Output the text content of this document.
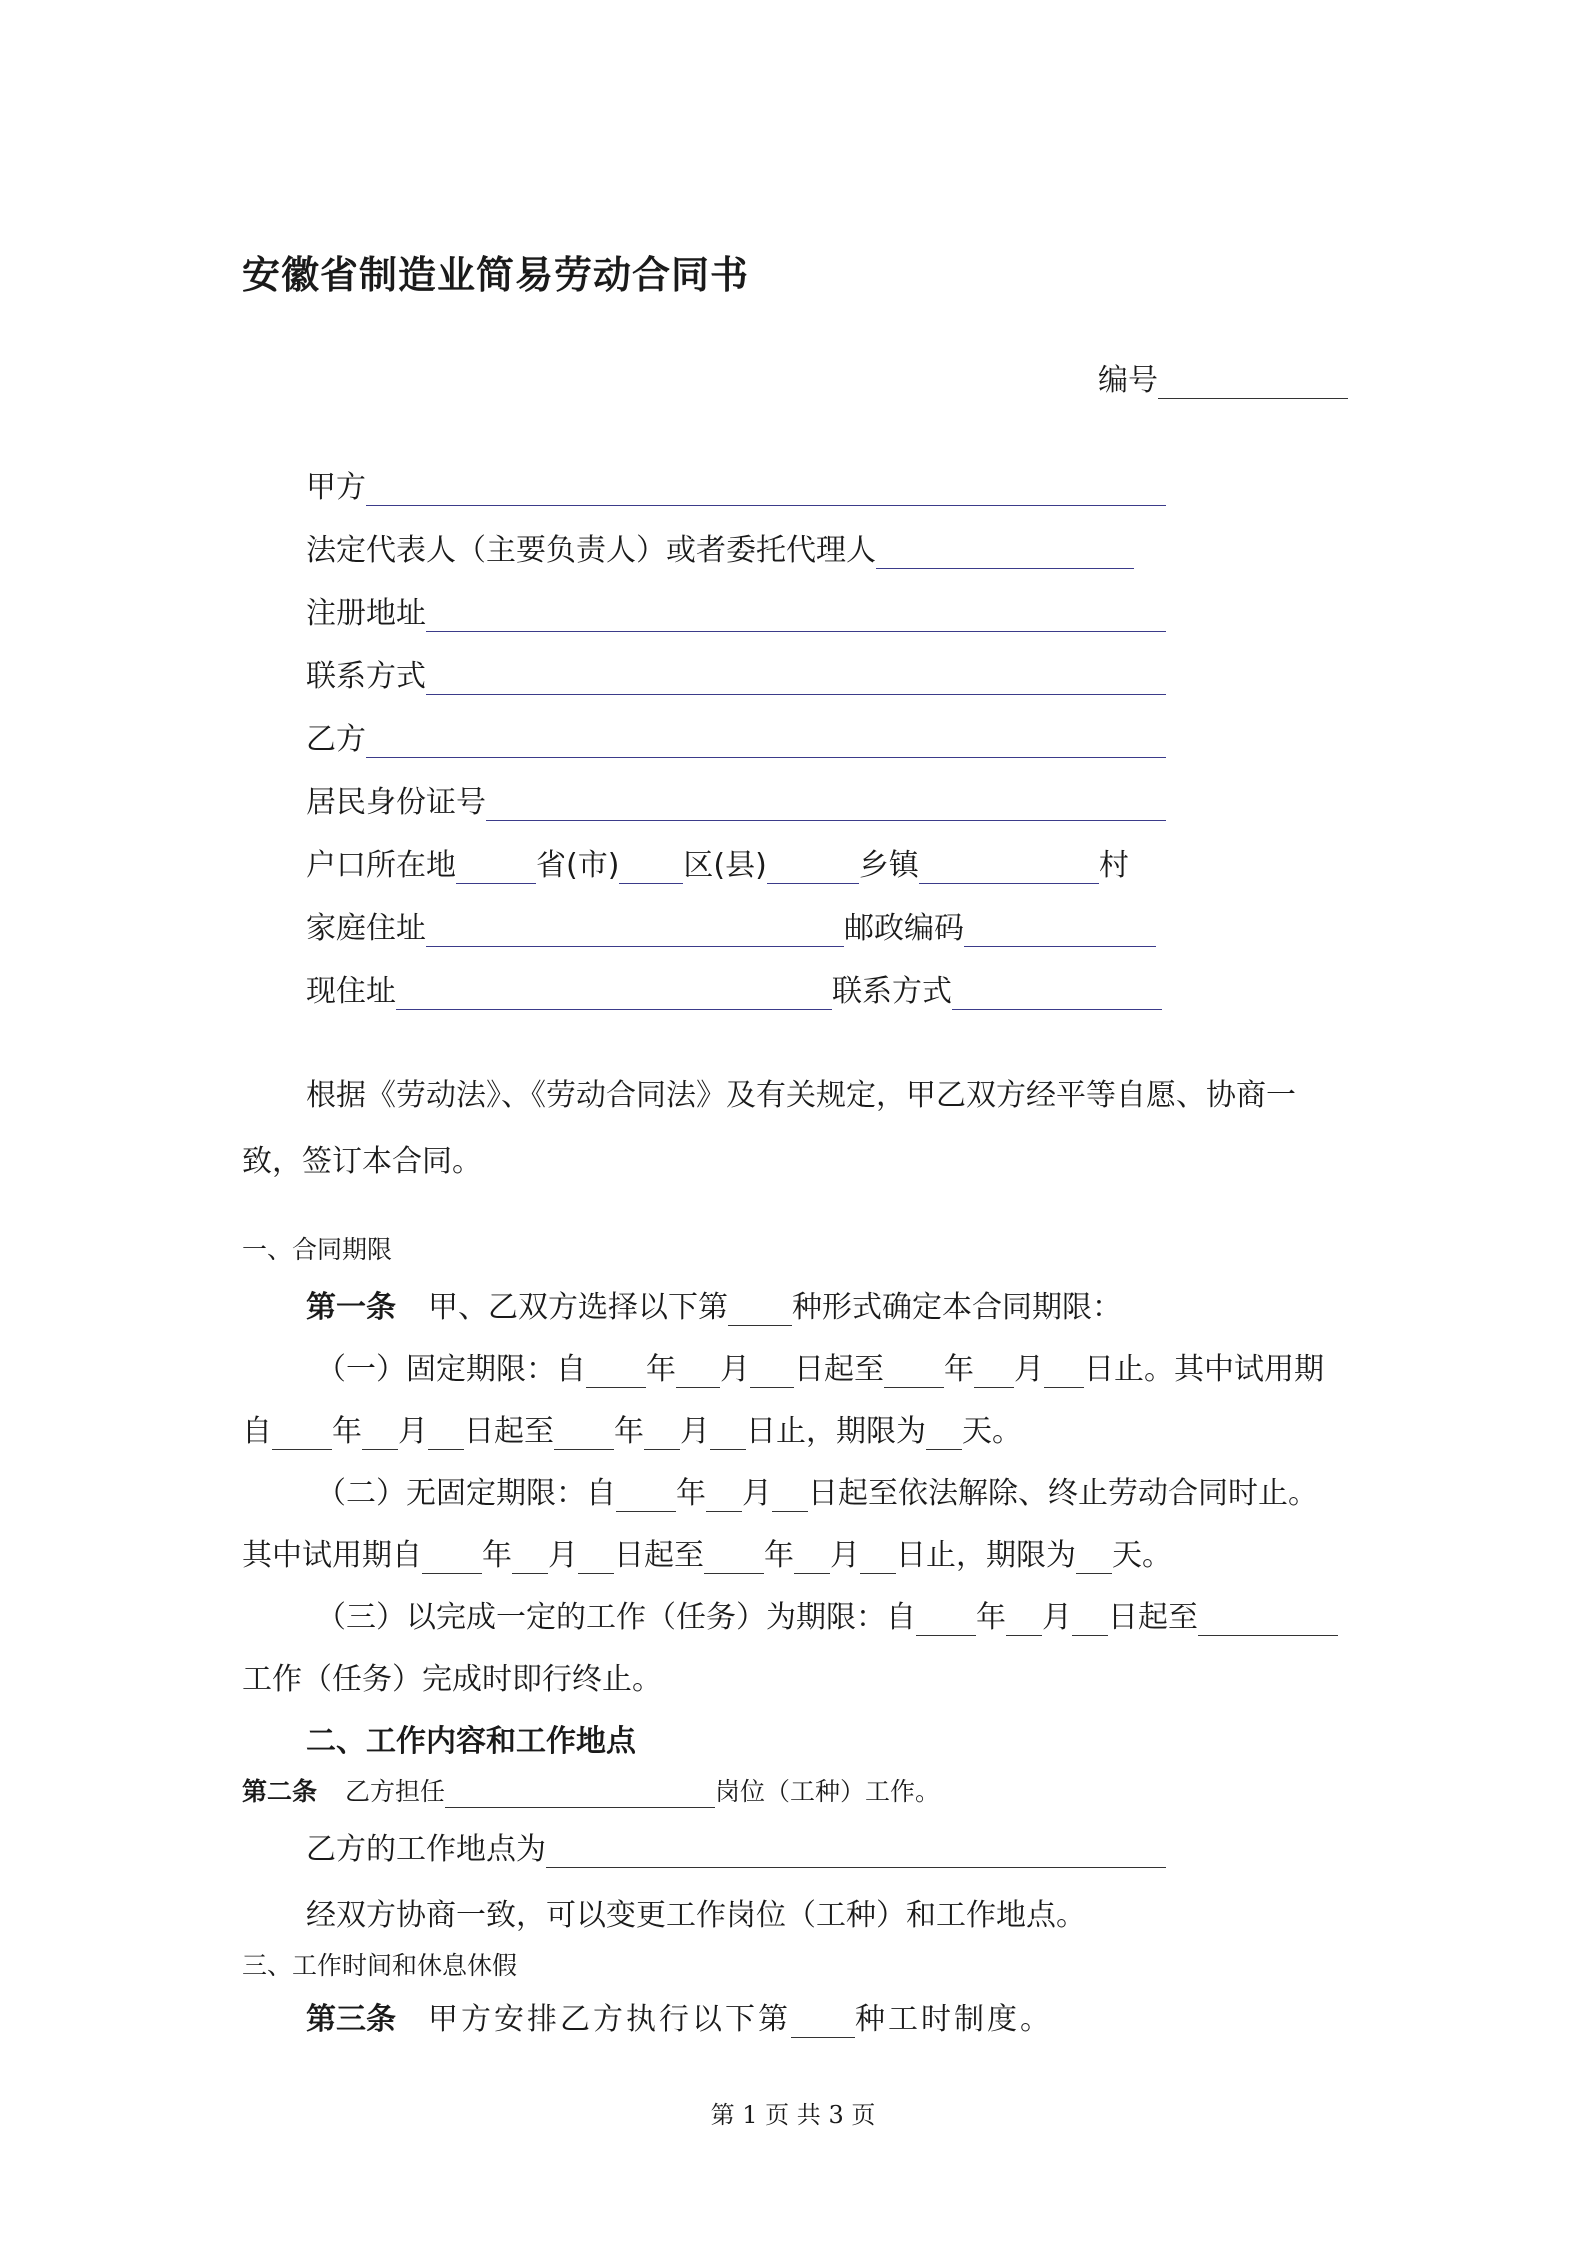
安徽省制造业简易劳动合同书
编号
甲方
法定代表人（主要负责人）或者委托代理人
注册地址
联系方式
乙方
居民身份证号
户口所在地	省(市) 区(县)	乡镇	村
家庭住址	邮政编码
现住址	联系方式
根据《劳动法》、《劳动合同法》及有关规定，甲乙双方经平等自愿、协商一
致，签订本合同。
一、合同期限
第一条 甲、乙双方选择以下第 种形式确定本合同期限：
（一）固定期限：自 年 月 日起至 年 月 日止。 其中试用期
自 年 月 日起至 年 月 日止， 期限为 天。
（二）无固定期限：自 年 月 日起至依法解除、终止劳动合同时止。
其中试用期自 年 月 日起至 年 月 日止， 期限为 天。
（三）以完成一定的工作（任务）为期限：自 年 月 日起至
工作（任务）完成时即行终止。
二、工作内容和工作地点
第二条 乙方担任	岗位（工种）工作。
乙方的工作地点为
经双方协商一致，可以变更工作岗位（工种）和工作地点。
三、工作时间和休息休假
第三条 甲方安排乙方执行以下第 种工时制度。
第 1 页 共 3 页
